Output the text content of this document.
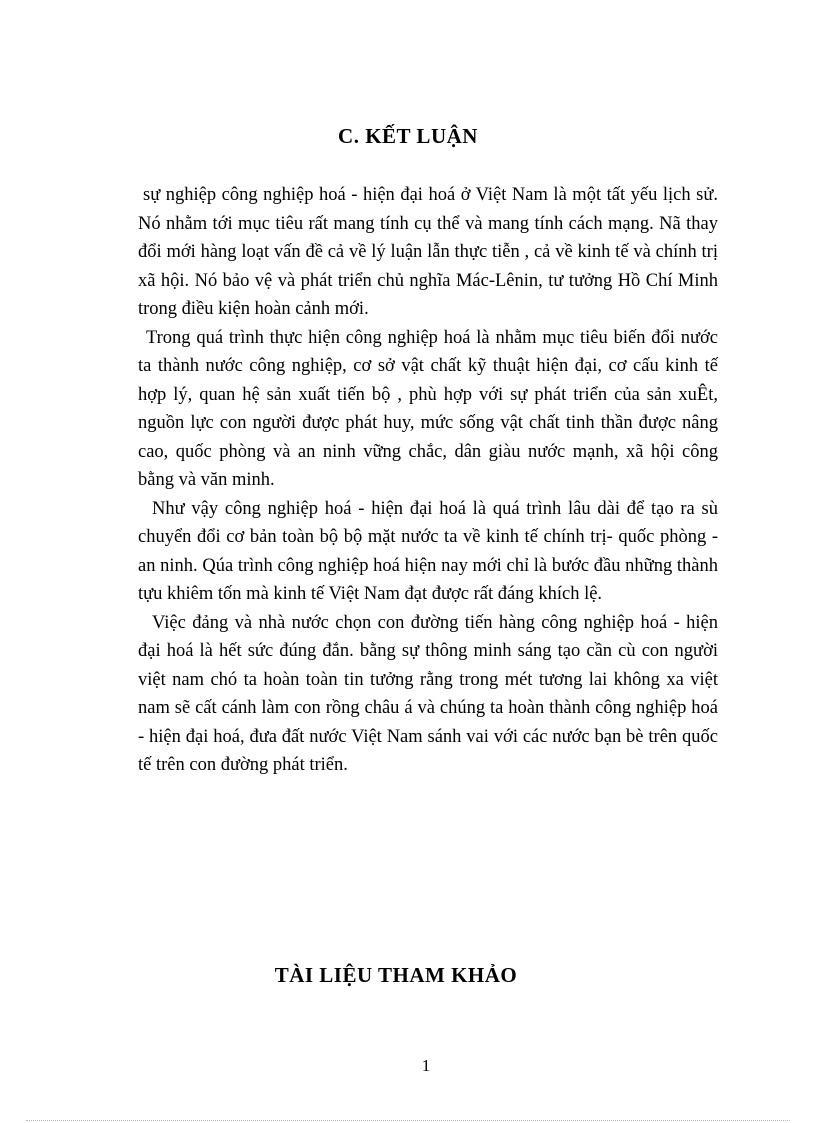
C. KẾT LUẬN

sự nghiệp công nghiệp hoá - hiện đại hoá ở Việt Nam là một tất yếu lịch sử. Nó nhằm tới mục tiêu rất mang tính cụ thể và mang tính cách mạng. Nã thay đổi mới hàng loạt vấn đề cả về lý luận lẫn thực tiễn , cả về kinh tế và chính trị xã hội. Nó bảo vệ và phát triển chủ nghĩa Mác-Lênin, tư tưởng Hồ Chí Minh trong điều kiện hoàn cảnh mới.

Trong quá trình thực hiện công nghiệp hoá là nhằm mục tiêu biến đổi nước ta thành nước công nghiệp, cơ sở vật chất kỹ thuật hiện đại, cơ cấu kinh tế hợp lý, quan hệ sản xuất tiến bộ , phù hợp với sự phát triển của sản xuÊt, nguồn lực con người được phát huy, mức sống vật chất tinh thần được nâng cao, quốc phòng và an ninh vững chắc, dân giàu nước mạnh, xã hội công bằng và văn minh.

Như vậy công nghiệp hoá - hiện đại hoá là quá trình lâu dài để tạo ra sù chuyển đổi cơ bản toàn bộ bộ mặt nước ta về kinh tế chính trị- quốc phòng - an ninh. Qúa trình công nghiệp hoá hiện nay mới chỉ là bước đầu những thành tựu khiêm tốn mà kinh tế Việt Nam đạt được rất đáng khích lệ.

Việc đảng và nhà nước chọn con đường tiến hàng công nghiệp hoá - hiện đại hoá là hết sức đúng đắn. bằng sự thông minh sáng tạo cần cù con người việt nam chó ta hoàn toàn tin tưởng rằng trong mét tương lai không xa việt nam sẽ cất cánh làm con rồng châu á và chúng ta hoàn thành công nghiệp hoá - hiện đại hoá, đưa đất nước Việt Nam sánh vai với các nước bạn bè trên quốc tế trên con đường phát triển.

TÀI LIỆU THAM KHẢO
1
